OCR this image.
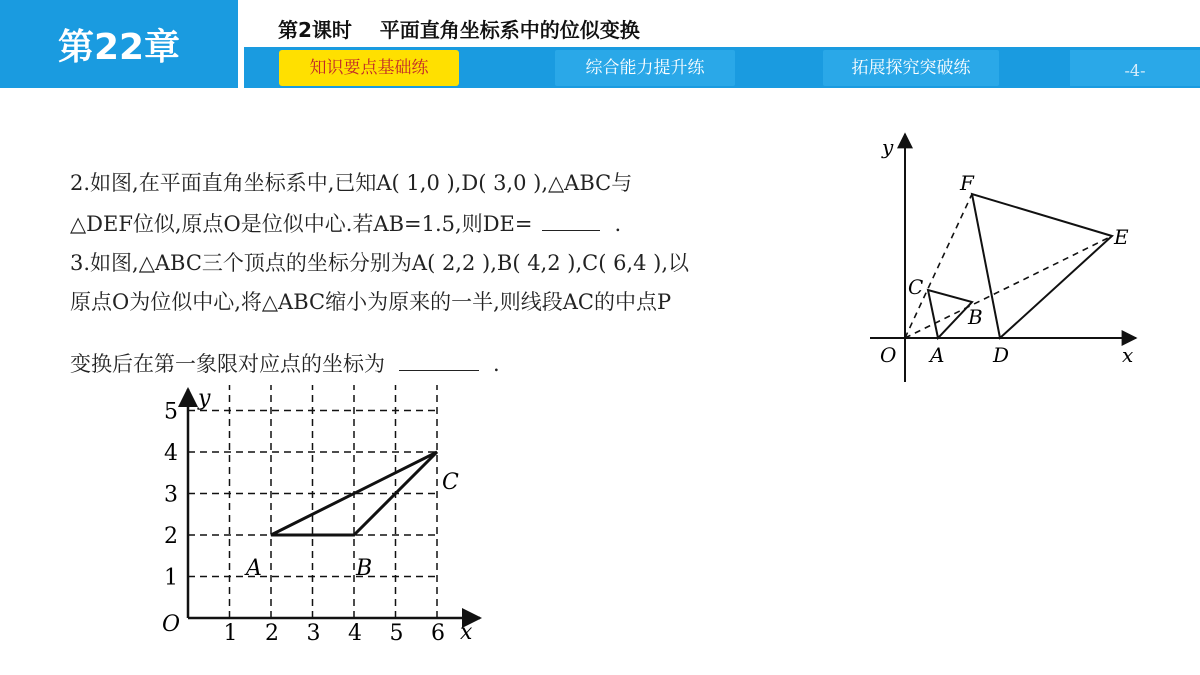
第22章	第2课时    平面直角坐标系中的位似变换
知识要点基础练	综合能力提升练	拓展探究突破练	-4-
2.如图,在平面直角坐标系中,已知A( 1,0 ),D( 3,0 ),△ABC与
△DEF位似,原点O是位似中心.若AB=1.5,则DE=	.
3.如图,△ABC三个顶点的坐标分别为A( 2,2 ),B( 4,2 ),C( 6,4 ),以
原点O为位似中心,将△ABC缩小为原来的一半,则线段AC的中点P
变换后在第一象限对应点的坐标为	.
y
x
O A D
B
C
E
F
1 2 3 4 5 6
1
2
3
4
5
y
x
O
A	B
C
